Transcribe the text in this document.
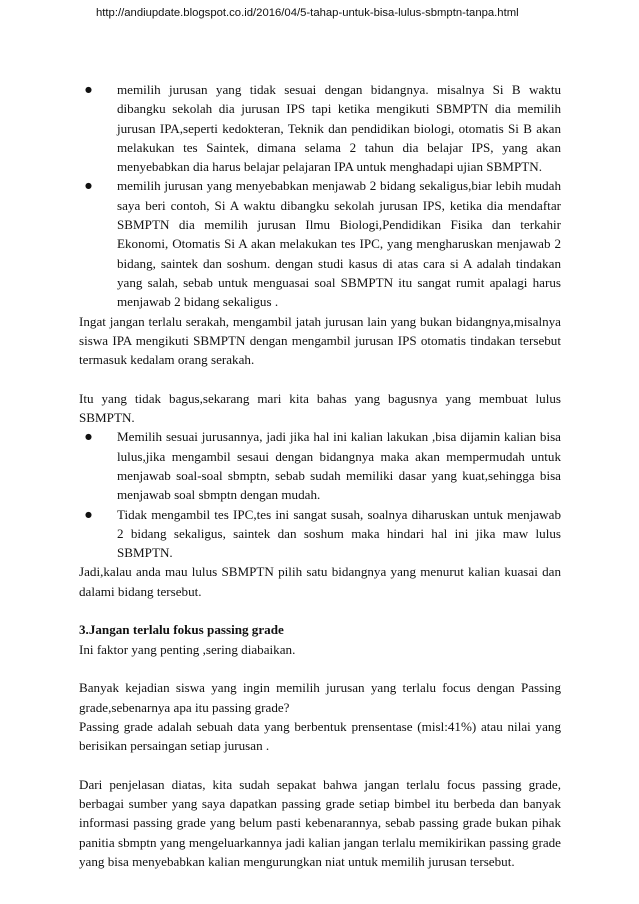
http://andiupdate.blogspot.co.id/2016/04/5-tahap-untuk-bisa-lulus-sbmptn-tanpa.html
● memilih jurusan yang tidak sesuai dengan bidangnya. misalnya Si B waktu dibangku sekolah dia jurusan IPS tapi ketika mengikuti SBMPTN dia memilih jurusan IPA,seperti kedokteran, Teknik dan pendidikan biologi, otomatis Si B akan melakukan tes Saintek, dimana selama 2 tahun dia belajar IPS, yang akan menyebabkan dia harus belajar pelajaran IPA untuk menghadapi ujian SBMPTN.
● memilih jurusan yang menyebabkan menjawab 2 bidang sekaligus,biar lebih mudah saya beri contoh, Si A waktu dibangku sekolah jurusan IPS, ketika dia mendaftar SBMPTN dia memilih jurusan Ilmu Biologi,Pendidikan Fisika dan terkahir Ekonomi, Otomatis Si A akan melakukan tes IPC, yang mengharuskan menjawab 2 bidang, saintek dan soshum. dengan studi kasus di atas cara si A adalah tindakan yang salah, sebab untuk menguasai soal SBMPTN itu sangat rumit apalagi harus menjawab 2 bidang sekaligus .

Ingat jangan terlalu serakah, mengambil jatah jurusan lain yang bukan bidangnya,misalnya siswa IPA mengikuti SBMPTN dengan mengambil jurusan IPS otomatis tindakan tersebut termasuk kedalam orang serakah.

Itu yang tidak bagus,sekarang mari kita bahas yang bagusnya yang membuat lulus SBMPTN.

● Memilih sesuai jurusannya, jadi jika hal ini kalian lakukan ,bisa dijamin kalian bisa lulus,jika mengambil sesaui dengan bidangnya maka akan mempermudah untuk menjawab soal-soal sbmptn, sebab sudah memiliki dasar yang kuat,sehingga bisa menjawab soal sbmptn dengan mudah.
● Tidak mengambil tes IPC,tes ini sangat susah, soalnya diharuskan untuk menjawab 2 bidang sekaligus, saintek dan soshum maka hindari hal ini jika maw lulus SBMPTN.

Jadi,kalau anda mau lulus SBMPTN pilih satu bidangnya yang menurut kalian kuasai dan dalami bidang tersebut.

3.Jangan terlalu fokus passing grade

Ini faktor yang penting ,sering diabaikan.

Banyak kejadian siswa yang ingin memilih jurusan yang terlalu focus dengan Passing grade,sebenarnya apa itu passing grade?

Passing grade adalah sebuah data yang berbentuk prensentase (misl:41%) atau nilai yang berisikan persaingan setiap jurusan .

Dari penjelasan diatas, kita sudah sepakat bahwa jangan terlalu focus passing grade, berbagai sumber yang saya dapatkan passing grade setiap bimbel itu berbeda dan banyak informasi passing grade yang belum pasti kebenarannya, sebab passing grade bukan pihak panitia sbmptn yang mengeluarkannya jadi kalian jangan terlalu memikirikan passing grade yang bisa menyebabkan kalian mengurungkan niat untuk memilih jurusan tersebut.
